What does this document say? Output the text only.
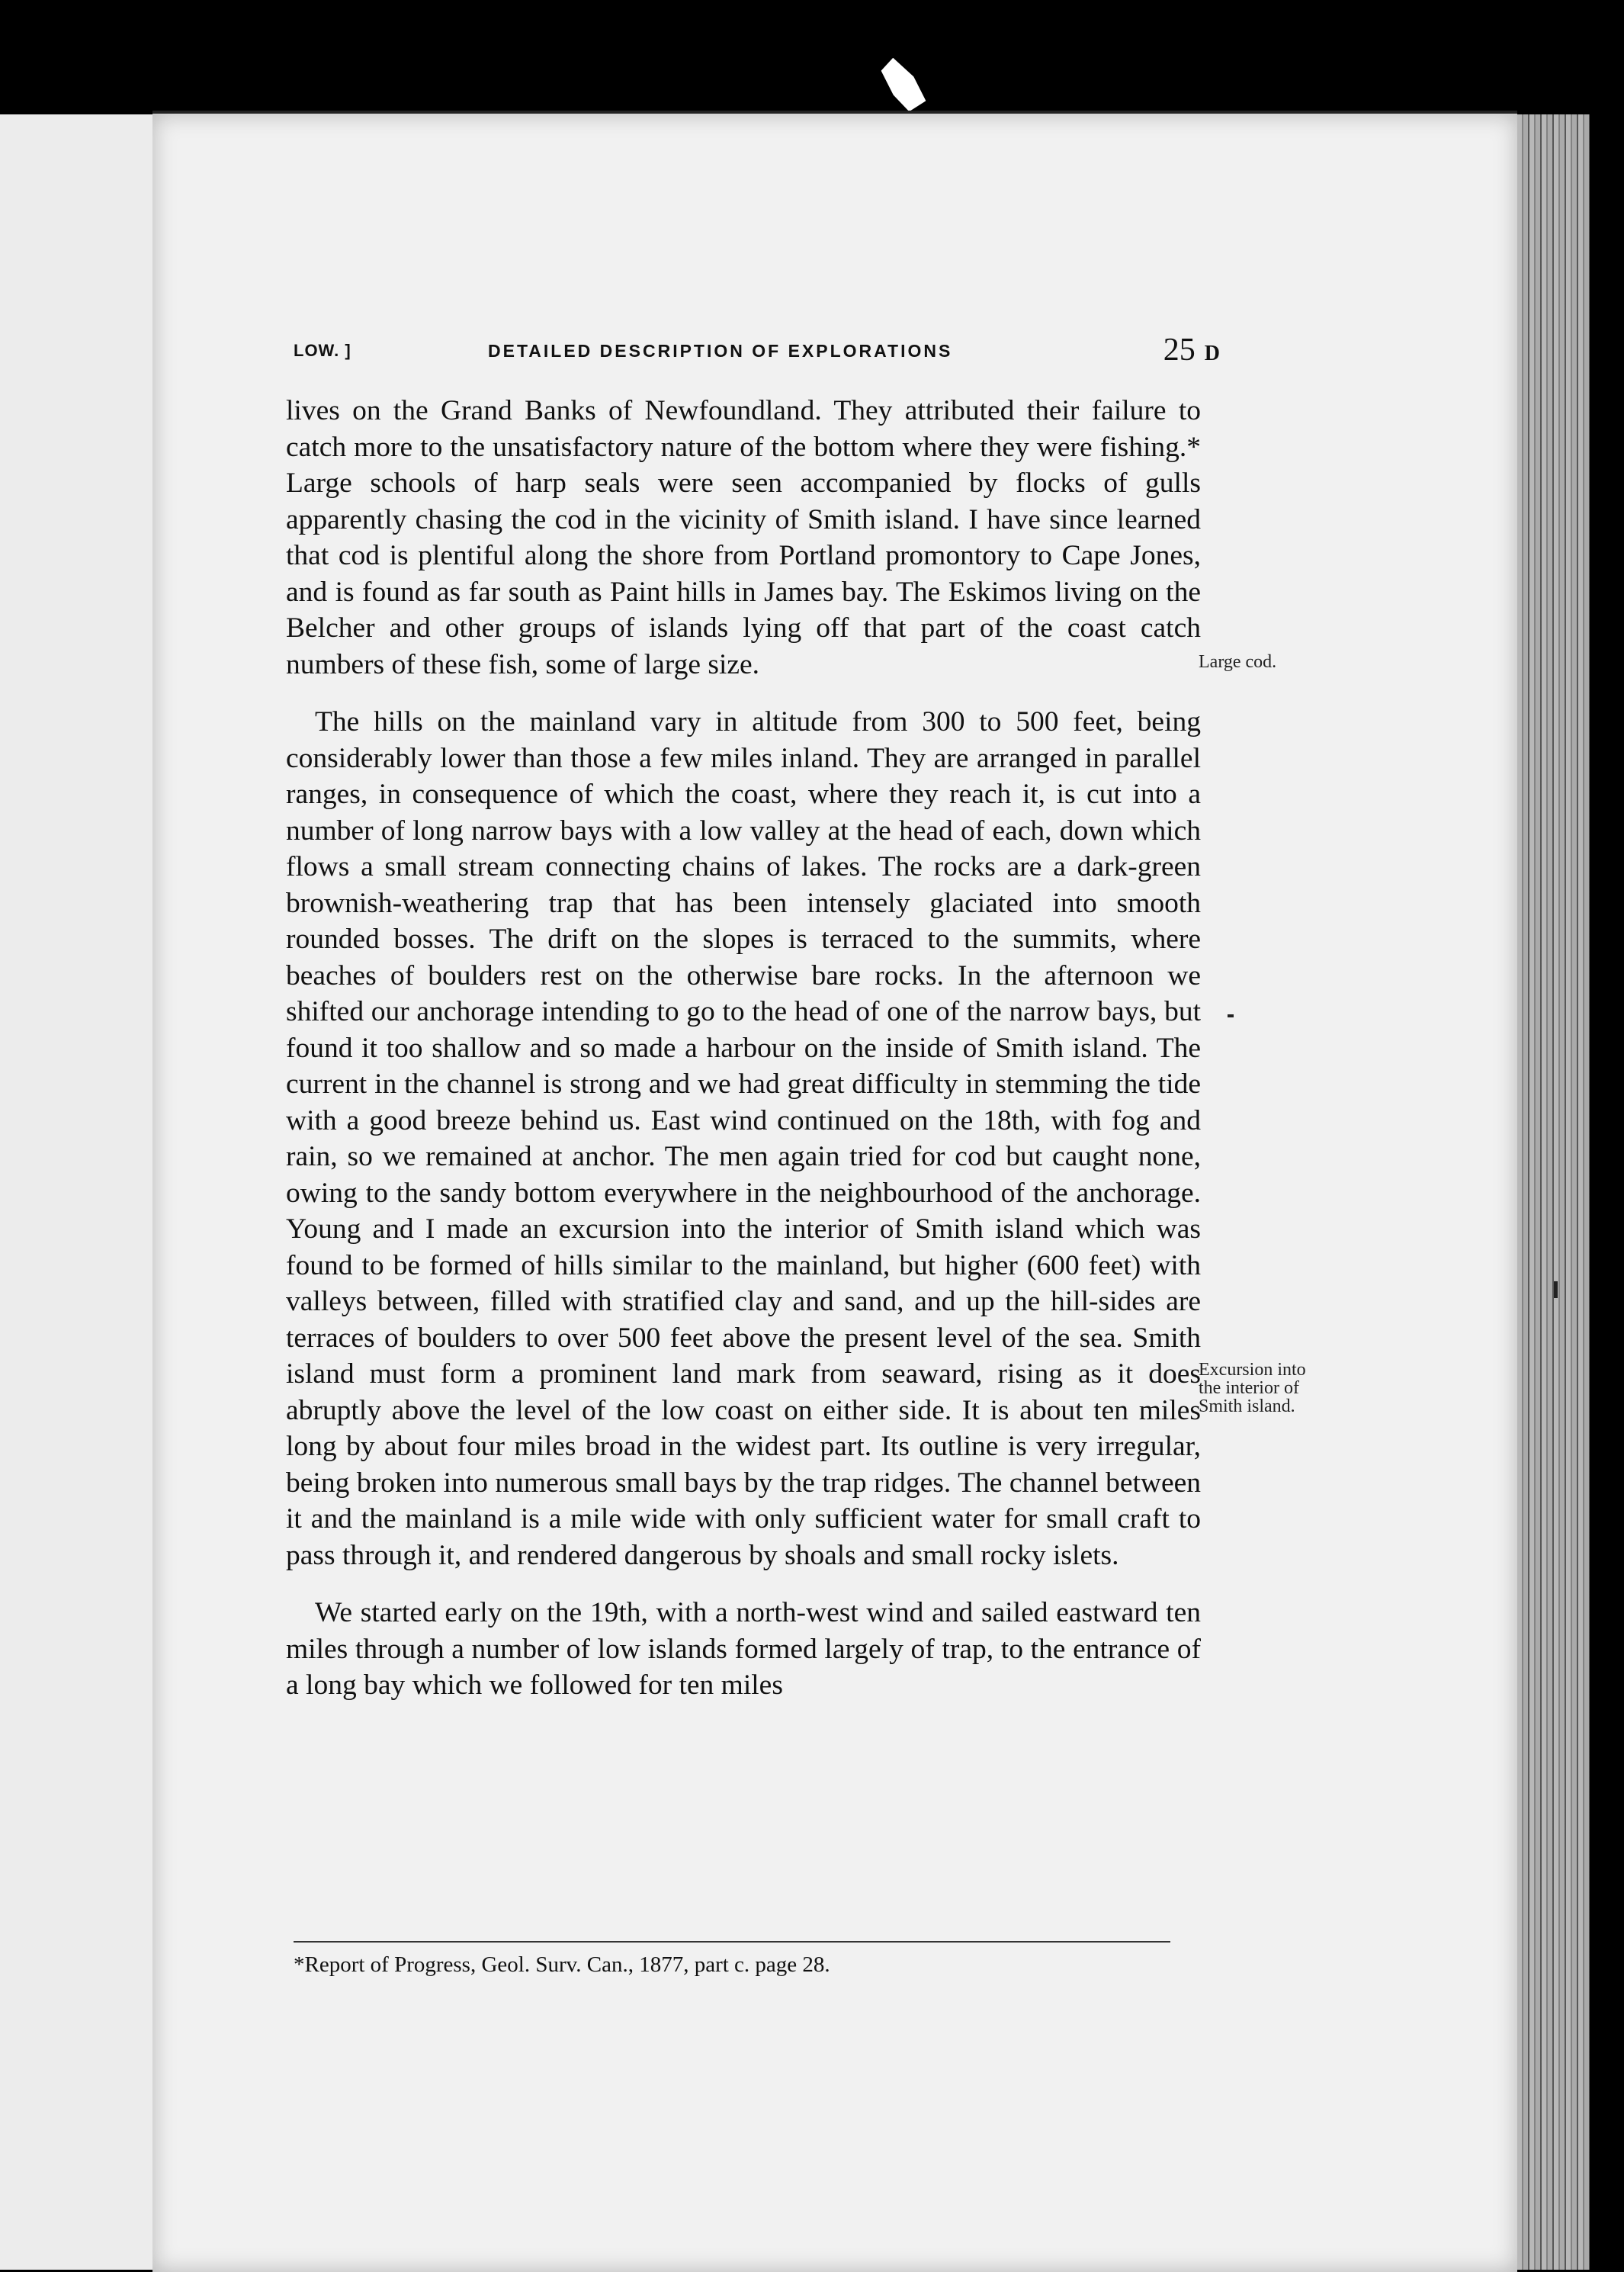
LOW. ]	DETAILED DESCRIPTION OF EXPLORATIONS	25 D

lives on the Grand Banks of Newfoundland. They attributed their failure to catch more to the unsatisfactory nature of the bottom where they were fishing.* Large schools of harp seals were seen accompanied by flocks of gulls apparently chasing the cod in the vicinity of Smith island. I have since learned that cod is plentiful along the shore from Portland promontory to Cape Jones, and is found as far south as Paint hills in James bay. The Eskimos living on the Belcher and other groups of islands lying off that part of the coast catch numbers of these fish, some of large size.

The hills on the mainland vary in altitude from 300 to 500 feet, being considerably lower than those a few miles inland. They are arranged in parallel ranges, in consequence of which the coast, where they reach it, is cut into a number of long narrow bays with a low valley at the head of each, down which flows a small stream connecting chains of lakes. The rocks are a dark-green brownish-weathering trap that has been intensely glaciated into smooth rounded bosses. The drift on the slopes is terraced to the summits, where beaches of boulders rest on the otherwise bare rocks. In the afternoon we shifted our anchorage intending to go to the head of one of the narrow bays, but found it too shallow and so made a harbour on the inside of Smith island. The current in the channel is strong and we had great difficulty in stemming the tide with a good breeze behind us. East wind continued on the 18th, with fog and rain, so we remained at anchor. The men again tried for cod but caught none, owing to the sandy bottom everywhere in the neighbourhood of the anchorage. Young and I made an excursion into the interior of Smith island which was found to be formed of hills similar to the mainland, but higher (600 feet) with valleys between, filled with stratified clay and sand, and up the hill-sides are terraces of boulders to over 500 feet above the present level of the sea. Smith island must form a prominent land mark from seaward, rising as it does abruptly above the level of the low coast on either side. It is about ten miles long by about four miles broad in the widest part. Its outline is very irregular, being broken into numerous small bays by the trap ridges. The channel between it and the mainland is a mile wide with only sufficient water for small craft to pass through it, and rendered dangerous by shoals and small rocky islets.

We started early on the 19th, with a north-west wind and sailed eastward ten miles through a number of low islands formed largely of trap, to the entrance of a long bay which we followed for ten miles

Large cod.
Excursion into the interior of Smith island.
*Report of Progress, Geol. Surv. Can., 1877, part c. page 28.
